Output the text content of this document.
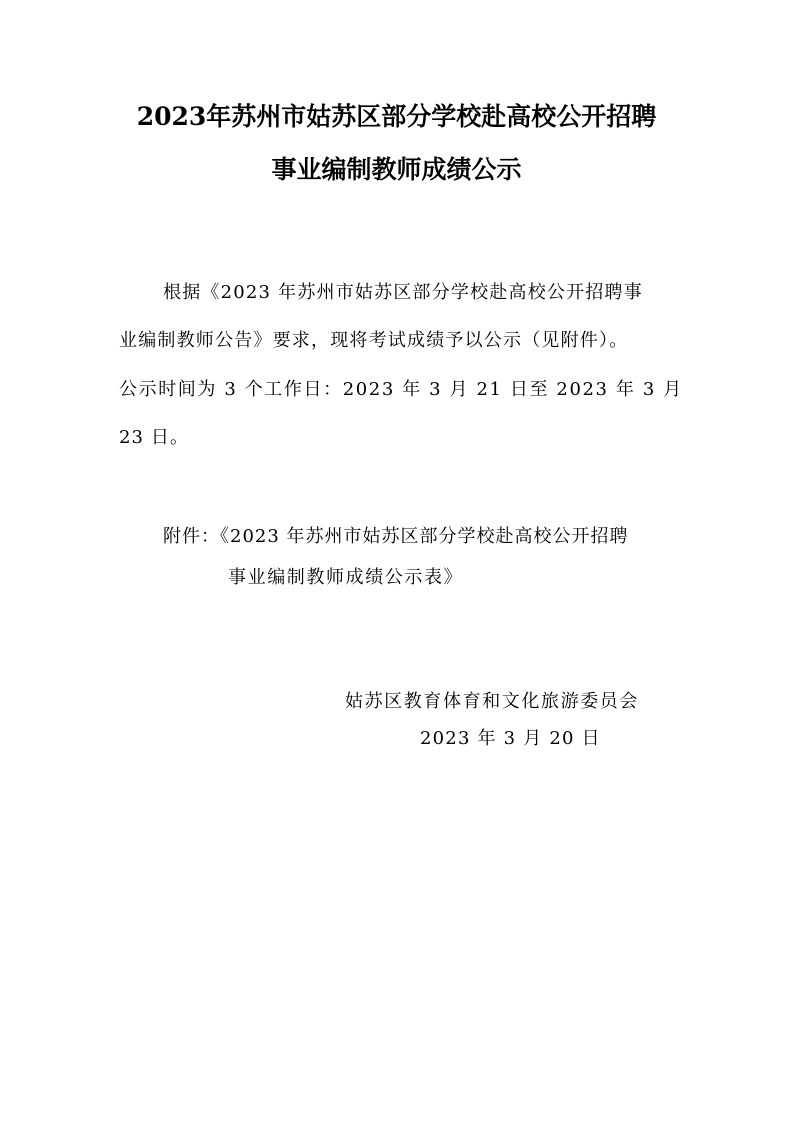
2023年苏州市姑苏区部分学校赴高校公开招聘
事业编制教师成绩公示
根据《2023 年苏州市姑苏区部分学校赴高校公开招聘事
业编制教师公告》要求，现将考试成绩予以公示（见附件）。
公示时间为 3 个工作日：2023 年 3 月 21 日至 2023 年 3 月
23 日。
附件：《2023 年苏州市姑苏区部分学校赴高校公开招聘
事业编制教师成绩公示表》
姑苏区教育体育和文化旅游委员会
2023 年 3 月 20 日
